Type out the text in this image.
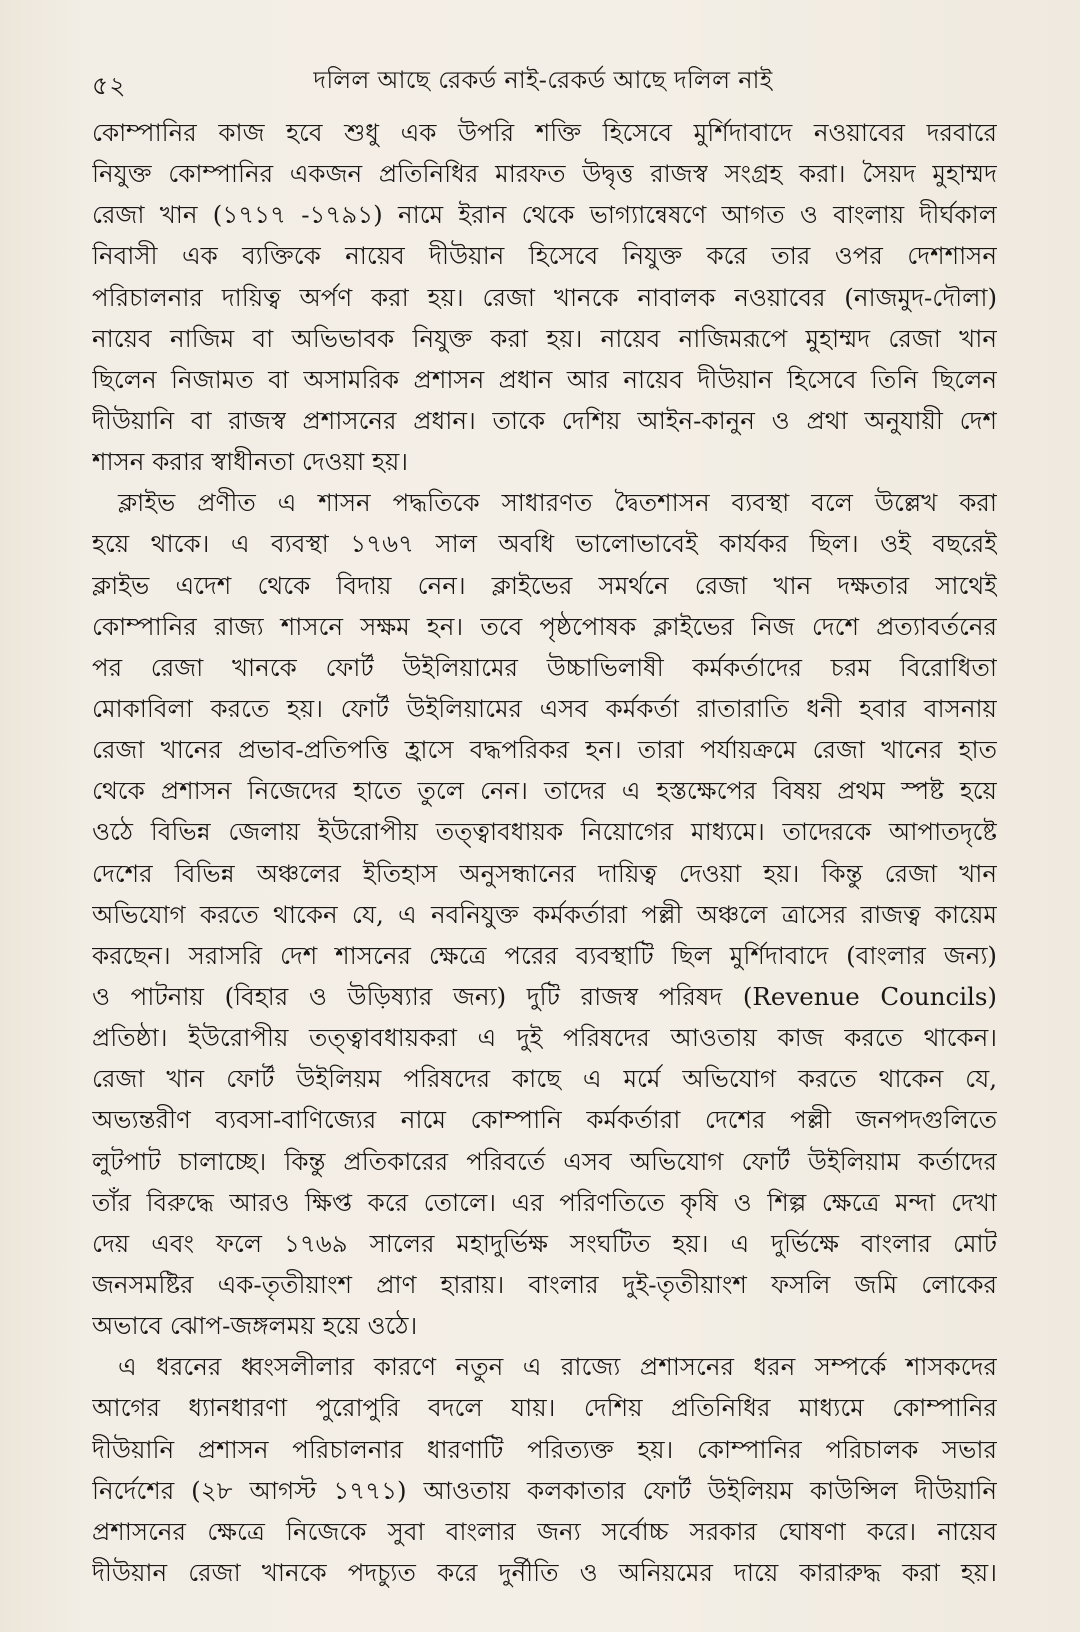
৫২	দলিল আছে রেকর্ড নাই-রেকর্ড আছে দলিল নাই
কোম্পানির কাজ হবে শুধু এক উপরি শক্তি হিসেবে মুর্শিদাবাদে নওয়াবের দরবারে
নিযুক্ত কোম্পানির একজন প্রতিনিধির মারফত উদ্বৃত্ত রাজস্ব সংগ্রহ করা। সৈয়দ মুহাম্মদ
রেজা খান (১৭১৭ -১৭৯১) নামে ইরান থেকে ভাগ্যান্বেষণে আগত ও বাংলায় দীর্ঘকাল
নিবাসী এক ব্যক্তিকে নায়েব দীউয়ান হিসেবে নিযুক্ত করে তার ওপর দেশশাসন
পরিচালনার দায়িত্ব অর্পণ করা হয়। রেজা খানকে নাবালক নওয়াবের (নাজমুদ-দৌলা)
নায়েব নাজিম বা অভিভাবক নিযুক্ত করা হয়। নায়েব নাজিমরূপে মুহাম্মদ রেজা খান
ছিলেন নিজামত বা অসামরিক প্রশাসন প্রধান আর নায়েব দীউয়ান হিসেবে তিনি ছিলেন
দীউয়ানি বা রাজস্ব প্রশাসনের প্রধান। তাকে দেশিয় আইন-কানুন ও প্রথা অনুযায়ী দেশ
শাসন করার স্বাধীনতা দেওয়া হয়।
ক্লাইভ প্রণীত এ শাসন পদ্ধতিকে সাধারণত দ্বৈতশাসন ব্যবস্থা বলে উল্লেখ করা
হয়ে থাকে। এ ব্যবস্থা ১৭৬৭ সাল অবধি ভালোভাবেই কার্যকর ছিল। ওই বছরেই
ক্লাইভ এদেশ থেকে বিদায় নেন। ক্লাইভের সমর্থনে রেজা খান দক্ষতার সাথেই
কোম্পানির রাজ্য শাসনে সক্ষম হন। তবে পৃষ্ঠপোষক ক্লাইভের নিজ দেশে প্রত্যাবর্তনের
পর রেজা খানকে ফোর্ট উইলিয়ামের উচ্চাভিলাষী কর্মকর্তাদের চরম বিরোধিতা
মোকাবিলা করতে হয়। ফোর্ট উইলিয়ামের এসব কর্মকর্তা রাতারাতি ধনী হবার বাসনায়
রেজা খানের প্রভাব-প্রতিপত্তি হ্রাসে বদ্ধপরিকর হন। তারা পর্যায়ক্রমে রেজা খানের হাত
থেকে প্রশাসন নিজেদের হাতে তুলে নেন। তাদের এ হস্তক্ষেপের বিষয় প্রথম স্পষ্ট হয়ে
ওঠে বিভিন্ন জেলায় ইউরোপীয় তত্ত্বাবধায়ক নিয়োগের মাধ্যমে। তাদেরকে আপাতদৃষ্টে
দেশের বিভিন্ন অঞ্চলের ইতিহাস অনুসন্ধানের দায়িত্ব দেওয়া হয়। কিন্তু রেজা খান
অভিযোগ করতে থাকেন যে, এ নবনিযুক্ত কর্মকর্তারা পল্লী অঞ্চলে ত্রাসের রাজত্ব কায়েম
করছেন। সরাসরি দেশ শাসনের ক্ষেত্রে পরের ব্যবস্থাটি ছিল মুর্শিদাবাদে (বাংলার জন্য)
ও পাটনায় (বিহার ও উড়িষ্যার জন্য) দুটি রাজস্ব পরিষদ (Revenue Councils)
প্রতিষ্ঠা। ইউরোপীয় তত্ত্বাবধায়করা এ দুই পরিষদের আওতায় কাজ করতে থাকেন।
রেজা খান ফোর্ট উইলিয়ম পরিষদের কাছে এ মর্মে অভিযোগ করতে থাকেন যে,
অভ্যন্তরীণ ব্যবসা-বাণিজ্যের নামে কোম্পানি কর্মকর্তারা দেশের পল্লী জনপদগুলিতে
লুটপাট চালাচ্ছে। কিন্তু প্রতিকারের পরিবর্তে এসব অভিযোগ ফোর্ট উইলিয়াম কর্তাদের
তাঁর বিরুদ্ধে আরও ক্ষিপ্ত করে তোলে। এর পরিণতিতে কৃষি ও শিল্প ক্ষেত্রে মন্দা দেখা
দেয় এবং ফলে ১৭৬৯ সালের মহাদুর্ভিক্ষ সংঘটিত হয়। এ দুর্ভিক্ষে বাংলার মোট
জনসমষ্টির এক-তৃতীয়াংশ প্রাণ হারায়। বাংলার দুই-তৃতীয়াংশ ফসলি জমি লোকের
অভাবে ঝোপ-জঙ্গলময় হয়ে ওঠে।
এ ধরনের ধ্বংসলীলার কারণে নতুন এ রাজ্যে প্রশাসনের ধরন সম্পর্কে শাসকদের
আগের ধ্যানধারণা পুরোপুরি বদলে যায়। দেশিয় প্রতিনিধির মাধ্যমে কোম্পানির
দীউয়ানি প্রশাসন পরিচালনার ধারণাটি পরিত্যক্ত হয়। কোম্পানির পরিচালক সভার
নির্দেশের (২৮ আগস্ট ১৭৭১) আওতায় কলকাতার ফোর্ট উইলিয়ম কাউন্সিল দীউয়ানি
প্রশাসনের ক্ষেত্রে নিজেকে সুবা বাংলার জন্য সর্বোচ্চ সরকার ঘোষণা করে। নায়েব
দীউয়ান রেজা খানকে পদচ্যুত করে দুর্নীতি ও অনিয়মের দায়ে কারারুদ্ধ করা হয়।
